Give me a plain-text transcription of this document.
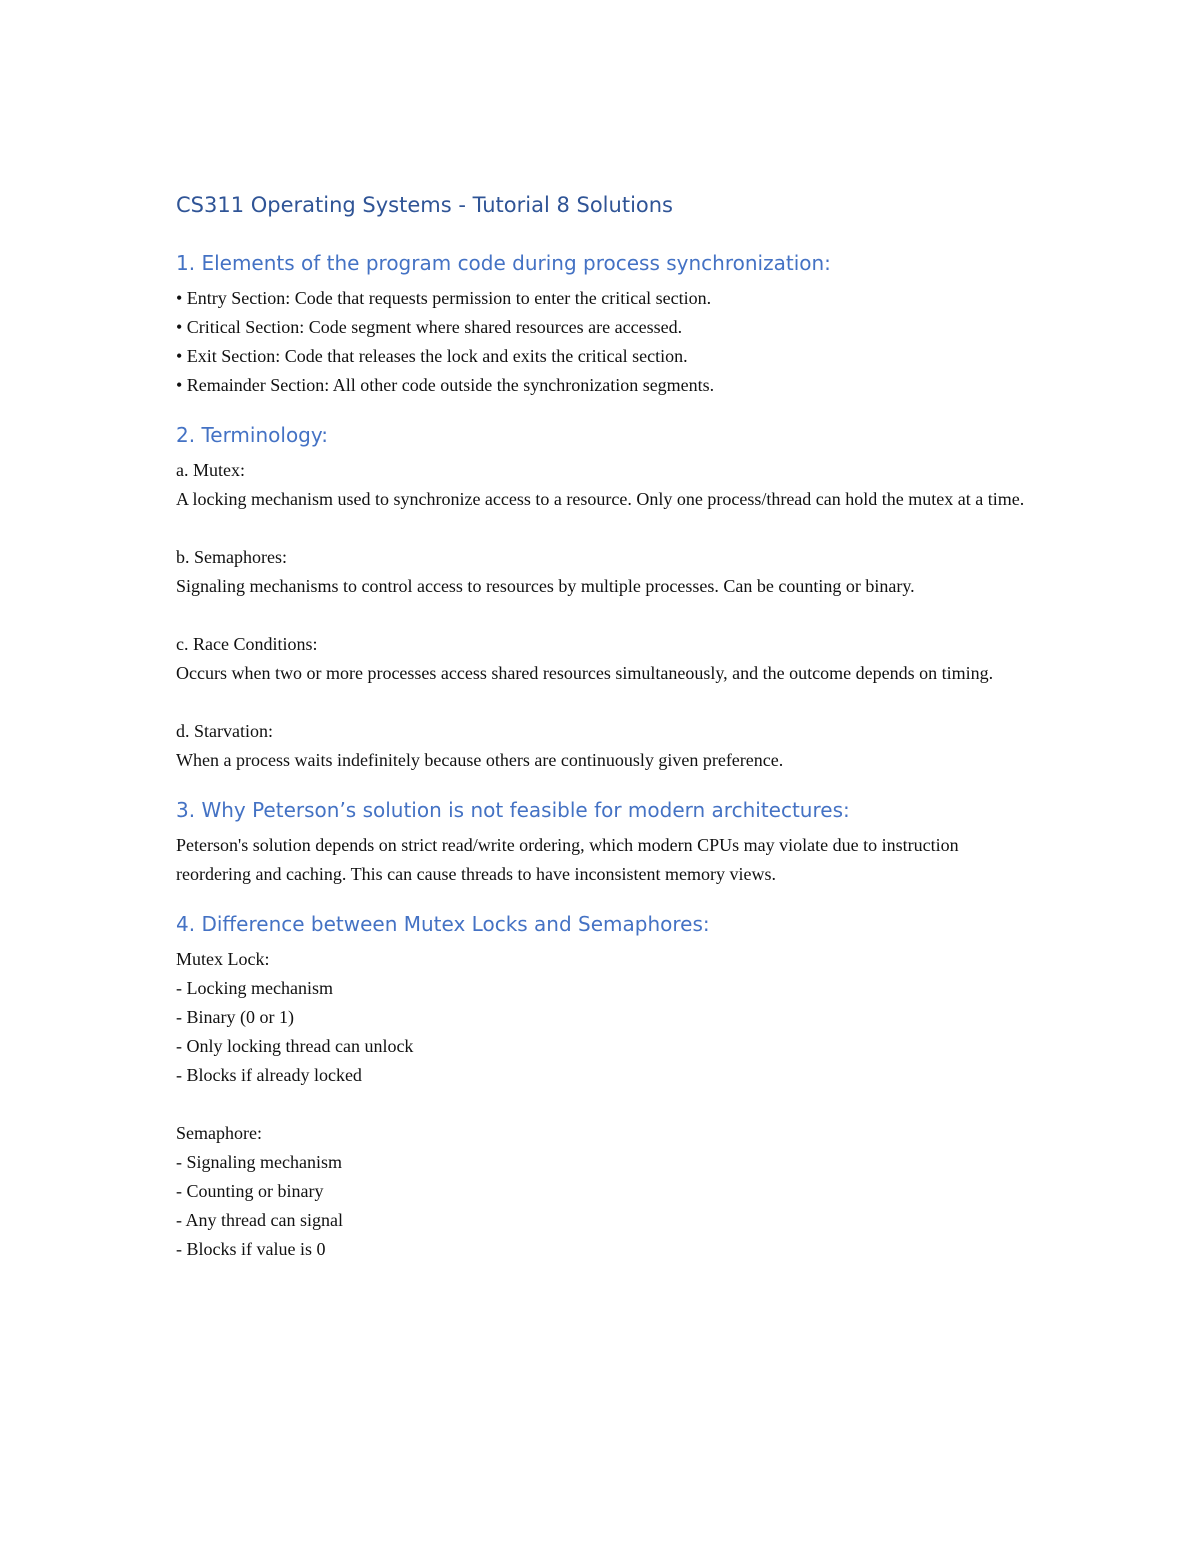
CS311 Operating Systems - Tutorial 8 Solutions
1. Elements of the program code during process synchronization:

• Entry Section: Code that requests permission to enter the critical section.
• Critical Section: Code segment where shared resources are accessed.
• Exit Section: Code that releases the lock and exits the critical section.
• Remainder Section: All other code outside the synchronization segments.

2. Terminology:
a. Mutex:
A locking mechanism used to synchronize access to a resource. Only one process/thread can hold the mutex at a time.
b. Semaphores:
Signaling mechanisms to control access to resources by multiple processes. Can be counting or binary.
c. Race Conditions:
Occurs when two or more processes access shared resources simultaneously, and the outcome depends on timing.
d. Starvation:
When a process waits indefinitely because others are continuously given preference.
3. Why Peterson’s solution is not feasible for modern architectures:

Peterson's solution depends on strict read/write ordering, which modern CPUs may violate due to instruction reordering and caching. This can cause threads to have inconsistent memory views.

4. Difference between Mutex Locks and Semaphores:
Mutex Lock:
- Locking mechanism
- Binary (0 or 1)
- Only locking thread can unlock
- Blocks if already locked
Semaphore:
- Signaling mechanism
- Counting or binary
- Any thread can signal
- Blocks if value is 0
